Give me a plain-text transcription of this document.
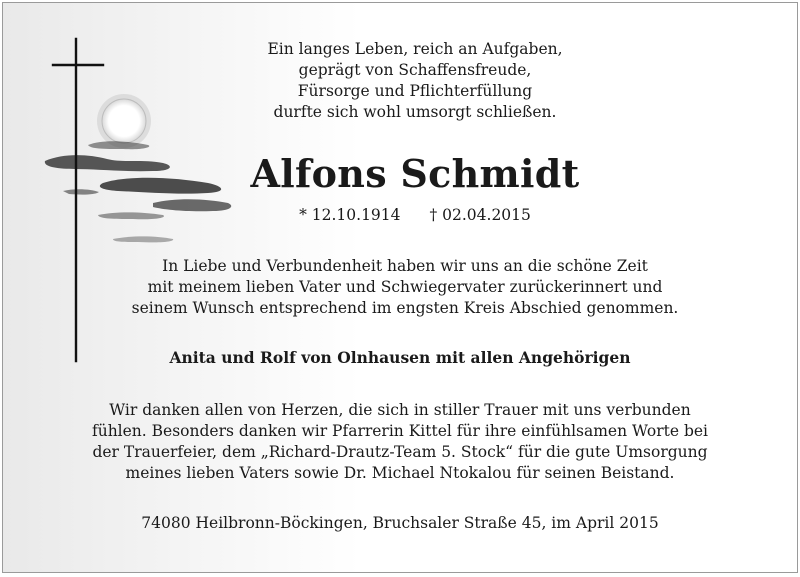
Ein langes Leben, reich an Aufgaben,
geprägt von Schaffensfreude,
Fürsorge und Pflichterfüllung
durfte sich wohl umsorgt schließen.

Alfons Schmidt
* 12.10.1914 † 02.04.2015

In Liebe und Verbundenheit haben wir uns an die schöne Zeit
mit meinem lieben Vater und Schwiegervater zurückerinnert und
seinem Wunsch entsprechend im engsten Kreis Abschied genommen.

Anita und Rolf von Olnhausen mit allen Angehörigen

Wir danken allen von Herzen, die sich in stiller Trauer mit uns verbunden
fühlen. Besonders danken wir Pfarrerin Kittel für ihre einfühlsamen Worte bei
der Trauerfeier, dem „Richard-Drautz-Team 5. Stock“ für die gute Umsorgung
meines lieben Vaters sowie Dr. Michael Ntokalou für seinen Beistand.

74080 Heilbronn-Böckingen, Bruchsaler Straße 45, im April 2015
